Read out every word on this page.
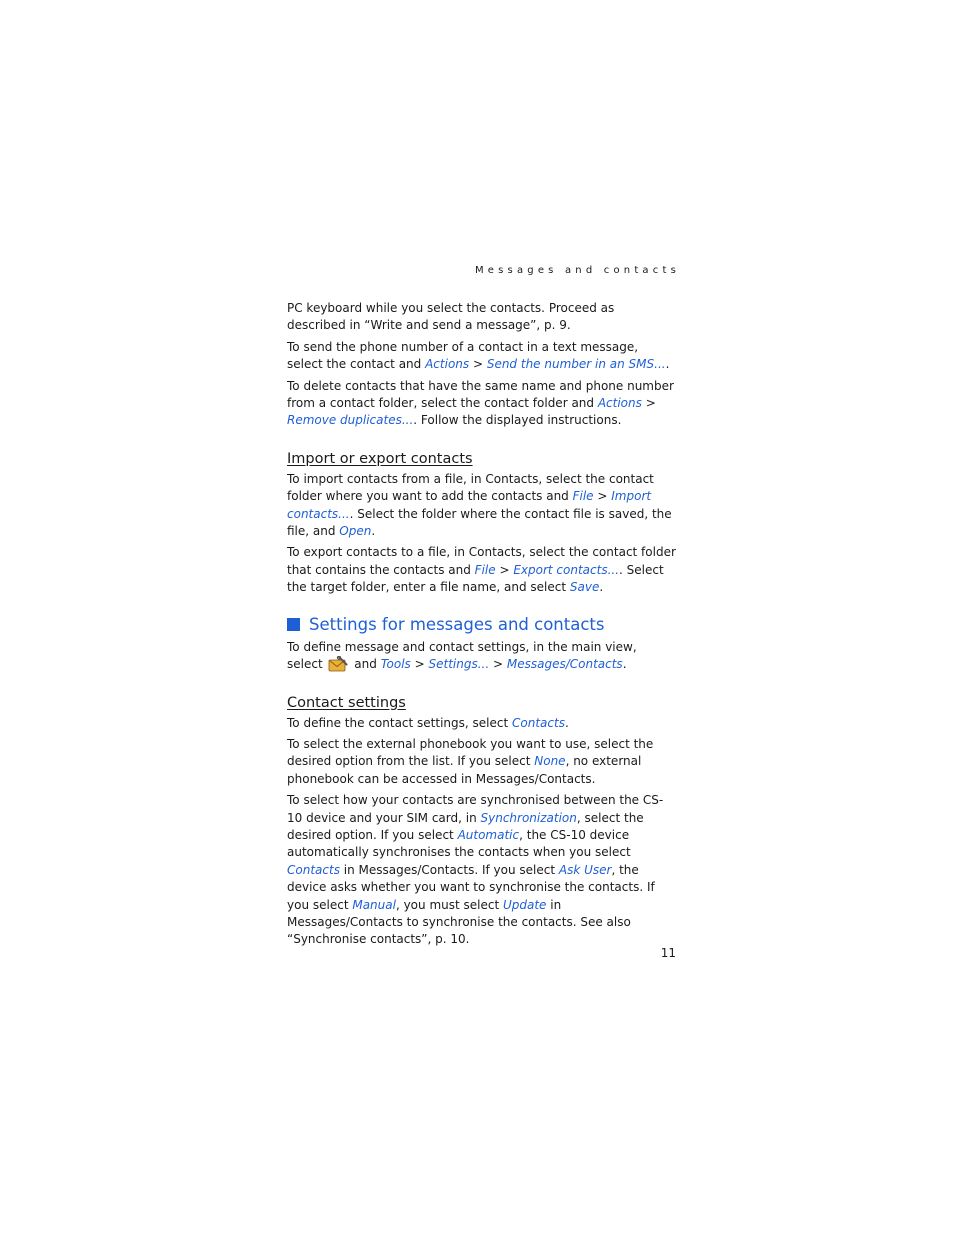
Messages and contacts

PC keyboard while you select the contacts. Proceed as described in “Write and send a message”, p. 9.

To send the phone number of a contact in a text message, select the contact and Actions > Send the number in an SMS....

To delete contacts that have the same name and phone number from a contact folder, select the contact folder and Actions > Remove duplicates.... Follow the displayed instructions.

Import or export contacts

To import contacts from a file, in Contacts, select the contact folder where you want to add the contacts and File > Import contacts.... Select the folder where the contact file is saved, the file, and Open.

To export contacts to a file, in Contacts, select the contact folder that contains the contacts and File > Export contacts.... Select the target folder, enter a file name, and select Save.

Settings for messages and contacts

To define message and contact settings, in the main view, select  and Tools > Settings... > Messages/Contacts.

Contact settings

To define the contact settings, select Contacts.

To select the external phonebook you want to use, select the desired option from the list. If you select None, no external phonebook can be accessed in Messages/Contacts.

To select how your contacts are synchronised between the CS-10 device and your SIM card, in Synchronization, select the desired option. If you select Automatic, the CS-10 device automatically synchronises the contacts when you select Contacts in Messages/Contacts. If you select Ask User, the device asks whether you want to synchronise the contacts. If you select Manual, you must select Update in Messages/Contacts to synchronise the contacts. See also “Synchronise contacts”, p. 10.

11
